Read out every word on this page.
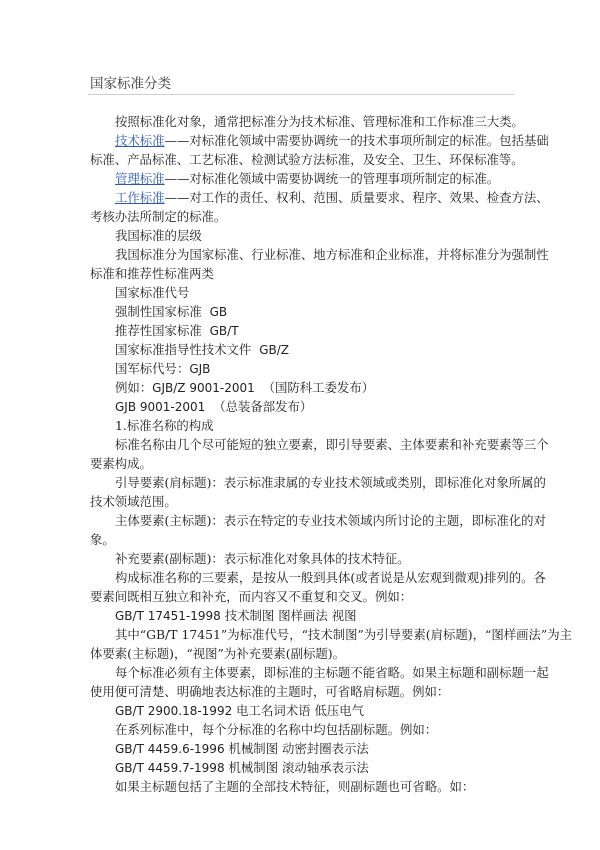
国家标准分类
按照标准化对象，通常把标准分为技术标准、管理标准和工作标准三大类。
技术标准——对标准化领域中需要协调统一的技术事项所制定的标准。包括基础
标准、产品标准、工艺标准、检测试验方法标准，及安全、卫生、环保标准等。
管理标准——对标准化领域中需要协调统一的管理事项所制定的标准。
工作标准——对工作的责任、权利、范围、质量要求、程序、效果、检查方法、
考核办法所制定的标准。
我国标准的层级
我国标准分为国家标准、行业标准、地方标准和企业标准，并将标准分为强制性
标准和推荐性标准两类
国家标准代号
强制性国家标准 GB
推荐性国家标准 GB/T
国家标准指导性技术文件 GB/Z
国军标代号：GJB
例如：GJB/Z 9001-2001 （国防科工委发布）
GJB 9001-2001 （总装备部发布）
1.标准名称的构成
标准名称由几个尽可能短的独立要素，即引导要素、主体要素和补充要素等三个
要素构成。
引导要素(肩标题)：表示标准隶属的专业技术领域或类别，即标准化对象所属的
技术领域范围。
主体要素(主标题)：表示在特定的专业技术领域内所讨论的主题，即标准化的对
象。
补充要素(副标题)：表示标准化对象具体的技术特征。
构成标准名称的三要素，是按从一般到具体(或者说是从宏观到微观)排列的。各
要素间既相互独立和补充，而内容又不重复和交叉。例如：
GB/T 17451-1998 技术制图 图样画法 视图
其中“GB/T 17451”为标准代号，“技术制图”为引导要素(肩标题)，“图样画法”为主
体要素(主标题)，“视图”为补充要素(副标题)。
每个标准必须有主体要素，即标准的主标题不能省略。如果主标题和副标题一起
使用便可清楚、明确地表达标准的主题时，可省略肩标题。例如：
GB/T 2900.18-1992 电工名词术语 低压电气
在系列标准中，每个分标准的名称中均包括副标题。例如：
GB/T 4459.6-1996 机械制图 动密封圈表示法
GB/T 4459.7-1998 机械制图 滚动轴承表示法
如果主标题包括了主题的全部技术特征，则副标题也可省略。如：
